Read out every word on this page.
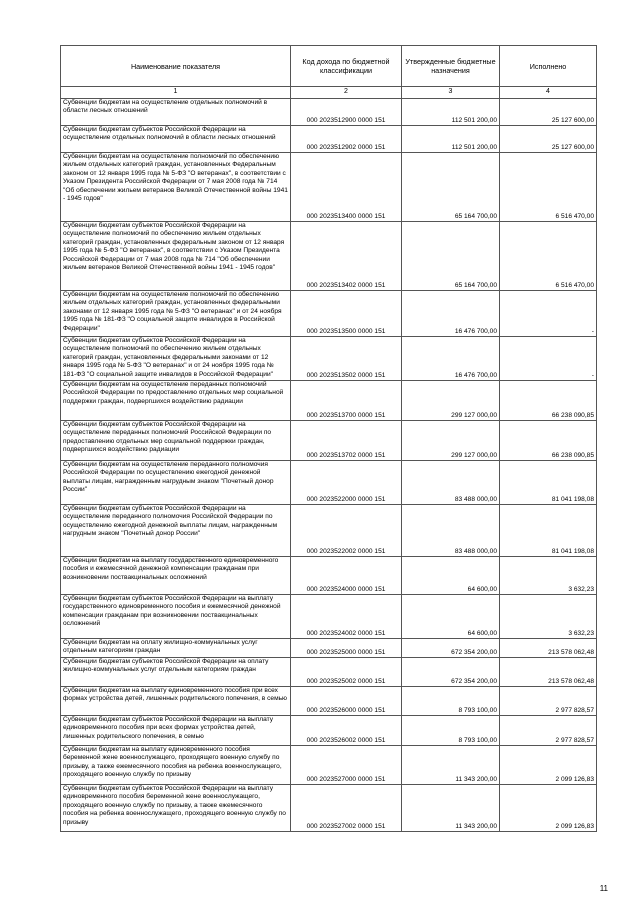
Наименование показателя	Код дохода по бюджетной классификации	Утвержденные бюджетные назначения	Исполнено
1	2	3	4
Субвенции бюджетам на осуществление отдельных полномочий в области лесных отношений	000 2023512900 0000 151	112 501 200,00	25 127 600,00
Субвенции бюджетам субъектов Российской Федерации на осуществление отдельных полномочий в области лесных отношений	000 2023512902 0000 151	112 501 200,00	25 127 600,00
Субвенции бюджетам на осуществление полномочий по обеспечению жильем отдельных категорий граждан, установленных Федеральным законом от 12 января 1995 года № 5-ФЗ "О ветеранах", в соответствии с Указом Президента Российской Федерации от 7 мая 2008 года № 714 "Об обеспечении жильем ветеранов Великой Отечественной войны 1941 - 1945 годов"	000 2023513400 0000 151	65 164 700,00	6 516 470,00
Субвенции бюджетам субъектов Российской Федерации на осуществление полномочий по обеспечению жильем отдельных категорий граждан, установленных федеральным законом от 12 января 1995 года № 5-ФЗ "О ветеранах", в соответствии с Указом Президента Российской Федерации от 7 мая 2008 года № 714 "Об обеспечении жильем ветеранов Великой Отечественной войны 1941 - 1945 годов"	000 2023513402 0000 151	65 164 700,00	6 516 470,00
Субвенции бюджетам на осуществление полномочий по обеспечению жильем отдельных категорий граждан, установленных федеральными законами от 12 января 1995 года № 5-ФЗ "О ветеранах" и от 24 ноября 1995 года № 181-ФЗ "О социальной защите инвалидов в Российской Федерации"	000 2023513500 0000 151	16 476 700,00	-
Субвенции бюджетам субъектов Российской Федерации на осуществление полномочий по обеспечению жильем отдельных категорий граждан, установленных федеральными законами от 12 января 1995 года № 5-ФЗ "О ветеранах" и от 24 ноября 1995 года № 181-ФЗ "О социальной защите инвалидов в Российской Федерации"	000 2023513502 0000 151	16 476 700,00	-
Субвенции бюджетам на осуществление переданных полномочий Российской Федерации по предоставлению отдельных мер социальной поддержки граждан, подвергшихся воздействию радиации	000 2023513700 0000 151	299 127 000,00	66 238 090,85
Субвенции бюджетам субъектов Российской Федерации на осуществление переданных полномочий Российской Федерации по предоставлению отдельных мер социальной поддержки граждан, подвергшихся воздействию радиации	000 2023513702 0000 151	299 127 000,00	66 238 090,85
Субвенции бюджетам на осуществление переданного полномочия Российской Федерации по осуществлению ежегодной денежной выплаты лицам, награжденным нагрудным знаком "Почетный донор России"	000 2023522000 0000 151	83 488 000,00	81 041 198,08
Субвенции бюджетам субъектов Российской Федерации на осуществление переданного полномочия Российской Федерации по осуществлению ежегодной денежной выплаты лицам, награжденным нагрудным знаком "Почетный донор России"	000 2023522002 0000 151	83 488 000,00	81 041 198,08
Субвенции бюджетам на выплату государственного единовременного пособия и ежемесячной денежной компенсации гражданам при возникновении поствакцинальных осложнений	000 2023524000 0000 151	64 600,00	3 632,23
Субвенции бюджетам субъектов Российской Федерации на выплату государственного единовременного пособия и ежемесячной денежной компенсации гражданам при возникновении поствакцинальных осложнений	000 2023524002 0000 151	64 600,00	3 632,23
Субвенции бюджетам на оплату жилищно-коммунальных услуг отдельным категориям граждан	000 2023525000 0000 151	672 354 200,00	213 578 062,48
Субвенции бюджетам субъектов Российской Федерации на оплату жилищно-коммунальных услуг отдельным категориям граждан	000 2023525002 0000 151	672 354 200,00	213 578 062,48
Субвенции бюджетам на выплату единовременного пособия при всех формах устройства детей, лишенных родительского попечения, в семью	000 2023526000 0000 151	8 793 100,00	2 977 828,57
Субвенции бюджетам субъектов Российской Федерации на выплату единовременного пособия при всех формах устройства детей, лишенных родительского попечения, в семью	000 2023526002 0000 151	8 793 100,00	2 977 828,57
Субвенции бюджетам на выплату единовременного пособия беременной жене военнослужащего, проходящего военную службу по призыву, а также ежемесячного пособия на ребенка военнослужащего, проходящего военную службу по призыву	000 2023527000 0000 151	11 343 200,00	2 099 126,83
Субвенции бюджетам субъектов Российской Федерации на выплату единовременного пособия беременной жене военнослужащего, проходящего военную службу по призыву, а также ежемесячного пособия на ребенка военнослужащего, проходящего военную службу по призыву	000 2023527002 0000 151	11 343 200,00	2 099 126,83
11
